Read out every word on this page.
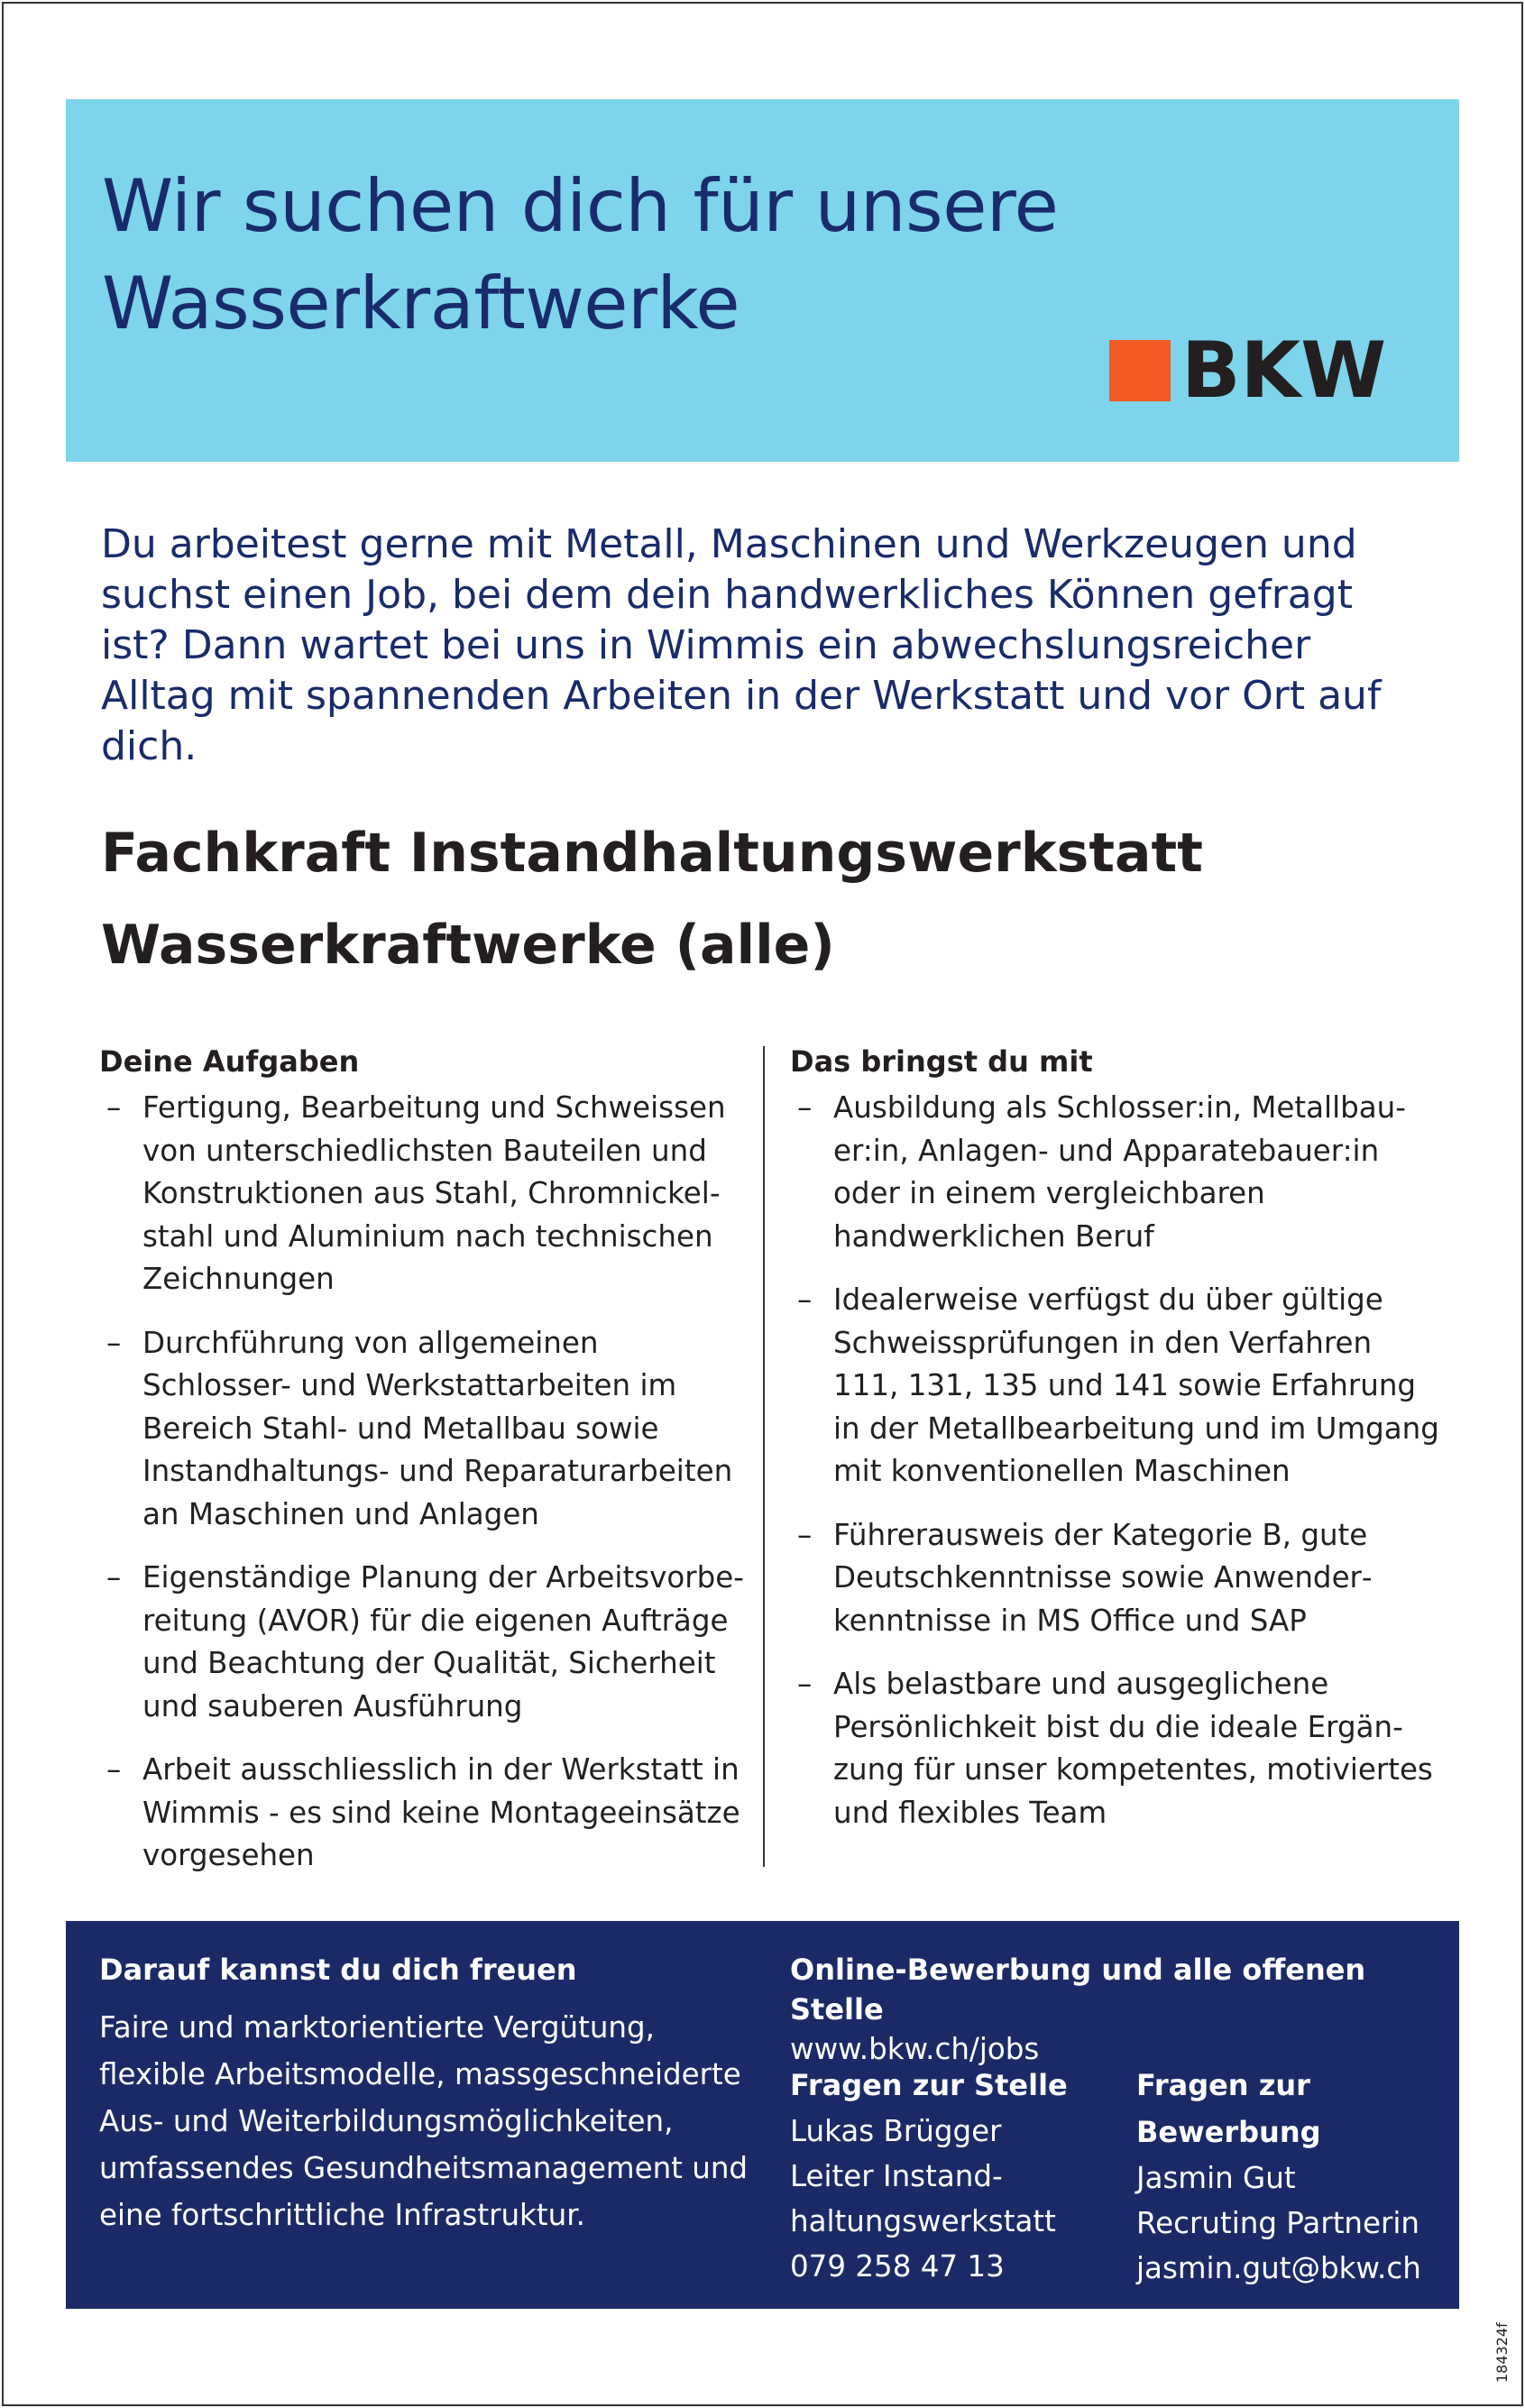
Wir suchen dich für unsere
Wasserkraftwerke
BKW

Du arbeitest gerne mit Metall, Maschinen und Werkzeugen und suchst einen Job, bei dem dein handwerkliches Können gefragt ist? Dann wartet bei uns in Wimmis ein abwechslungsreicher Alltag mit spannenden Arbeiten in der Werkstatt und vor Ort auf dich.

Fachkraft Instandhaltungswerkstatt
Wasserkraftwerke (alle)
Deine Aufgaben
– Fertigung, Bearbeitung und Schweissen von unterschiedlichsten Bauteilen und Konstruktionen aus Stahl, Chromnickelstahl und Aluminium nach technischen Zeichnungen
– Durchführung von allgemeinen Schlosser- und Werkstattarbeiten im Bereich Stahl- und Metallbau sowie Instandhaltungs- und Reparaturarbeiten an Maschinen und Anlagen
– Eigenständige Planung der Arbeitsvorbereitung (AVOR) für die eigenen Aufträge und Beachtung der Qualität, Sicherheit und sauberen Ausführung
– Arbeit ausschliesslich in der Werkstatt in Wimmis - es sind keine Montageeinsätze vorgesehen
Das bringst du mit
– Ausbildung als Schlosser:in, Metallbauer:in, Anlagen- und Apparatebauer:in oder in einem vergleichbaren handwerklichen Beruf
– Idealerweise verfügst du über gültige Schweissprüfungen in den Verfahren 111, 131, 135 und 141 sowie Erfahrung in der Metallbearbeitung und im Umgang mit konventionellen Maschinen
– Führerausweis der Kategorie B, gute Deutschkenntnisse sowie Anwenderkenntnisse in MS Office und SAP
– Als belastbare und ausgeglichene Persönlichkeit bist du die ideale Ergänzung für unser kompetentes, motiviertes und flexibles Team
Darauf kannst du dich freuen

Faire und marktorientierte Vergütung, flexible Arbeitsmodelle, massgeschneiderte Aus- und Weiterbildungsmöglichkeiten, umfassendes Gesundheitsmanagement und eine fortschrittliche Infrastruktur.

Online-Bewerbung und alle offenen Stelle
www.bkw.ch/jobs
Fragen zur Stelle
Lukas Brügger
Leiter Instand-
haltungswerkstatt
079 258 47 13
Fragen zur
Bewerbung
Jasmin Gut
Recruting Partnerin
jasmin.gut@bkw.ch
184324f
